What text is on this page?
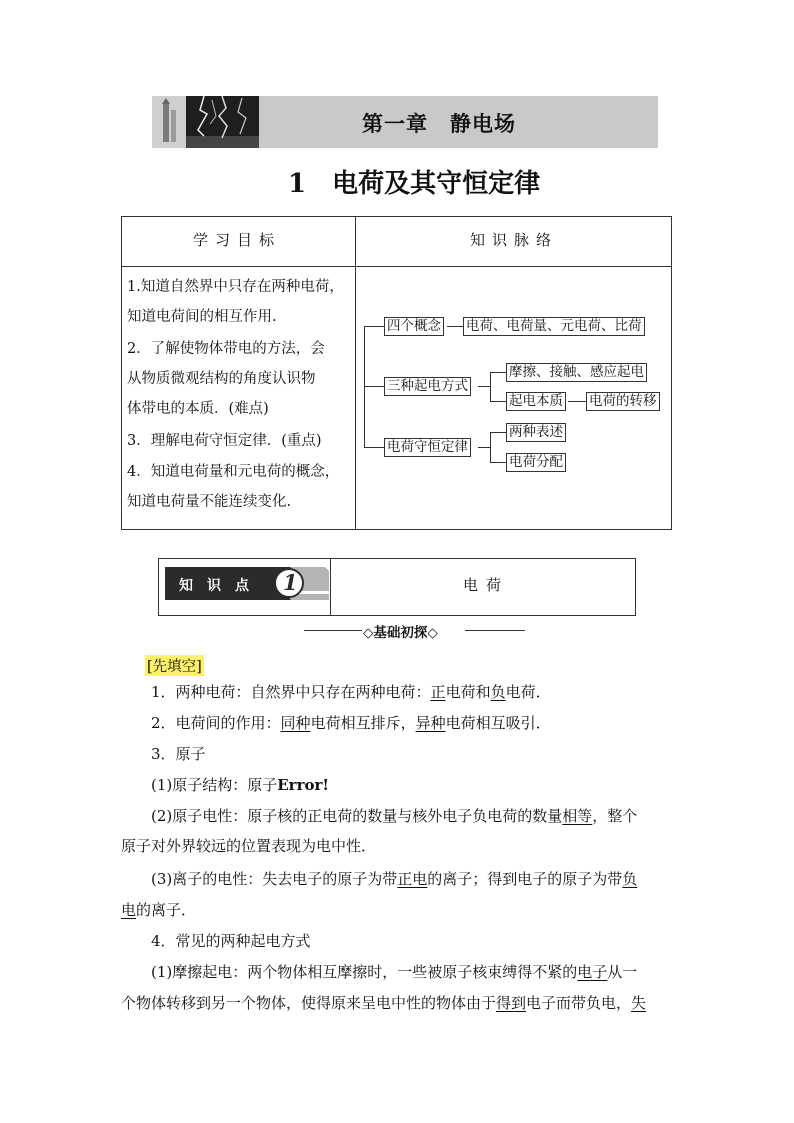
第一章　静电场
1　电荷及其守恒定律
学习目标	知识脉络
1.知道自然界中只存在两种电荷，
知道电荷间的相互作用.
2．了解使物体带电的方法，会
从物质微观结构的角度认识物
体带电的本质．(难点)
3．理解电荷守恒定律．(重点)
4．知道电荷量和元电荷的概念，
知道电荷量不能连续变化.
四个概念 电荷、电荷量、元电荷、比荷
三种起电方式
摩擦、接触、感应起电
起电本质 电荷的转移
电荷守恒定律
两种表述
电荷分配
知　识　点 1	电荷
◇基础初探◇
[先填空]
1．两种电荷：自然界中只存在两种电荷：正电荷和负电荷．
2．电荷间的作用：同种电荷相互排斥，异种电荷相互吸引．
3．原子
(1)原子结构：原子Error!
(2)原子电性：原子核的正电荷的数量与核外电子负电荷的数量相等，整个
原子对外界较远的位置表现为电中性．
(3)离子的电性：失去电子的原子为带正电的离子；得到电子的原子为带负
电的离子．
4．常见的两种起电方式
(1)摩擦起电：两个物体相互摩擦时，一些被原子核束缚得不紧的电子从一
个物体转移到另一个物体，使得原来呈电中性的物体由于得到电子而带负电，失
